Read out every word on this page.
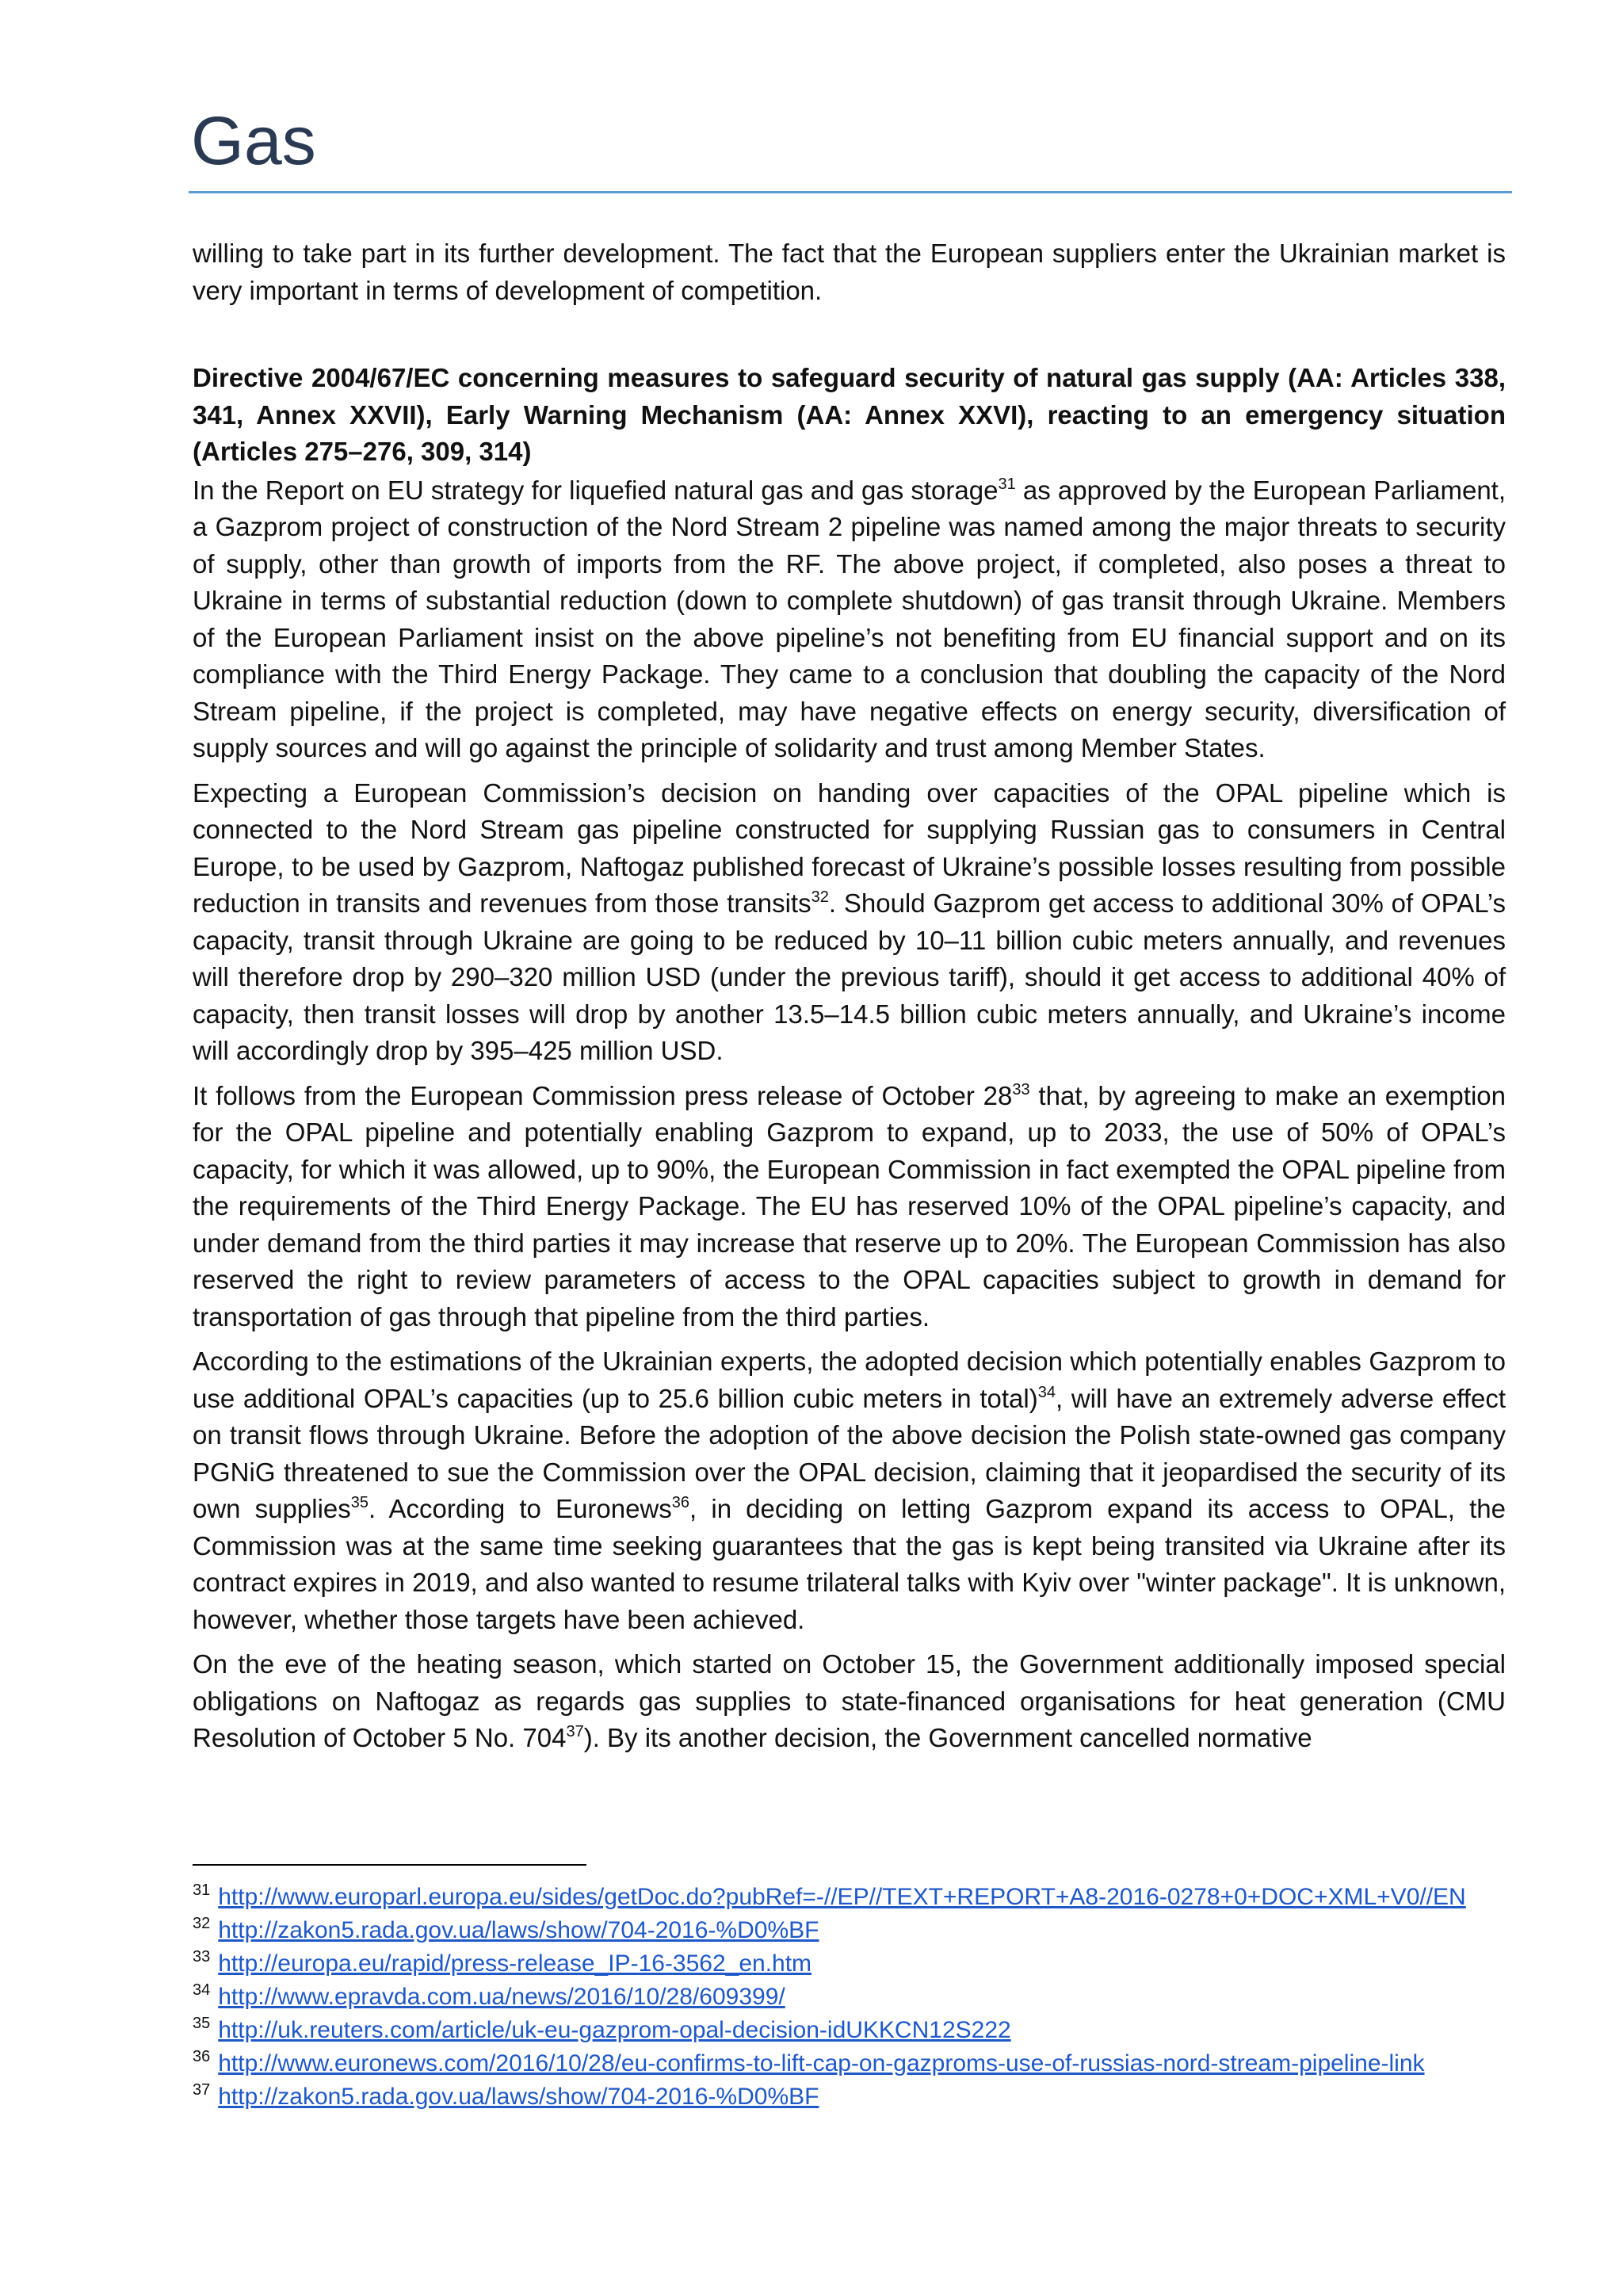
Gas

willing to take part in its further development. The fact that the European suppliers enter the Ukrainian market is very important in terms of development of competition.

Directive 2004/67/EC concerning measures to safeguard security of natural gas supply (AA: Articles 338, 341, Annex XXVII), Early Warning Mechanism (AA: Annex XXVI), reacting to an emergency situation (Articles 275–276, 309, 314)

In the Report on EU strategy for liquefied natural gas and gas storage$^{31}$ as approved by the European Parliament, a Gazprom project of construction of the Nord Stream 2 pipeline was named among the major threats to security of supply, other than growth of imports from the RF. The above project, if completed, also poses a threat to Ukraine in terms of substantial reduction (down to complete shutdown) of gas transit through Ukraine. Members of the European Parliament insist on the above pipeline’s not benefiting from EU financial support and on its compliance with the Third Energy Package. They came to a conclusion that doubling the capacity of the Nord Stream pipeline, if the project is completed, may have negative effects on energy security, diversification of supply sources and will go against the principle of solidarity and trust among Member States.

Expecting a European Commission’s decision on handing over capacities of the OPAL pipeline which is connected to the Nord Stream gas pipeline constructed for supplying Russian gas to consumers in Central Europe, to be used by Gazprom, Naftogaz published forecast of Ukraine’s possible losses resulting from possible reduction in transits and revenues from those transits$^{32}$. Should Gazprom get access to additional 30% of OPAL’s capacity, transit through Ukraine are going to be reduced by 10–11 billion cubic meters annually, and revenues will therefore drop by 290–320 million USD (under the previous tariff), should it get access to additional 40% of capacity, then transit losses will drop by another 13.5–14.5 billion cubic meters annually, and Ukraine’s income will accordingly drop by 395–425 million USD.

It follows from the European Commission press release of October $28^{33}$ that, by agreeing to make an exemption for the OPAL pipeline and potentially enabling Gazprom to expand, up to 2033, the use of 50% of OPAL’s capacity, for which it was allowed, up to 90%, the European Commission in fact exempted the OPAL pipeline from the requirements of the Third Energy Package. The EU has reserved 10% of the OPAL pipeline’s capacity, and under demand from the third parties it may increase that reserve up to 20%. The European Commission has also reserved the right to review parameters of access to the OPAL capacities subject to growth in demand for transportation of gas through that pipeline from the third parties.

According to the estimations of the Ukrainian experts, the adopted decision which potentially enables Gazprom to use additional OPAL’s capacities (up to 25.6 billion cubic meters in total)$^{34}$, will have an extremely adverse effect on transit flows through Ukraine. Before the adoption of the above decision the Polish state-owned gas company PGNiG threatened to sue the Commission over the OPAL decision, claiming that it jeopardised the security of its own supplies$^{35}$. According to Euronews$^{36}$, in deciding on letting Gazprom expand its access to OPAL, the Commission was at the same time seeking guarantees that the gas is kept being transited via Ukraine after its contract expires in 2019, and also wanted to resume trilateral talks with Kyiv over "winter package". It is unknown, however, whether those targets have been achieved.

On the eve of the heating season, which started on October 15, the Government additionally imposed special obligations on Naftogaz as regards gas supplies to state-financed organisations for heat generation (CMU Resolution of October 5 No. $704^{37}$). By its another decision, the Government cancelled normative

$^{31}$ http://www.europarl.europa.eu/sides/getDoc.do?pubRef=-//EP//TEXT+REPORT+A8-2016-0278+0+DOC+XML+V0//EN

$^{32}$ http://zakon5.rada.gov.ua/laws/show/704-2016-%D0%BF

$^{33}$ http://europa.eu/rapid/press-release_IP-16-3562_en.htm

$^{34}$ http://www.epravda.com.ua/news/2016/10/28/609399/

$^{35}$ http://uk.reuters.com/article/uk-eu-gazprom-opal-decision-idUKKCN12S222

$^{36}$ http://www.euronews.com/2016/10/28/eu-confirms-to-lift-cap-on-gazproms-use-of-russias-nord-stream-pipeline-link

$^{37}$ http://zakon5.rada.gov.ua/laws/show/704-2016-%D0%BF
